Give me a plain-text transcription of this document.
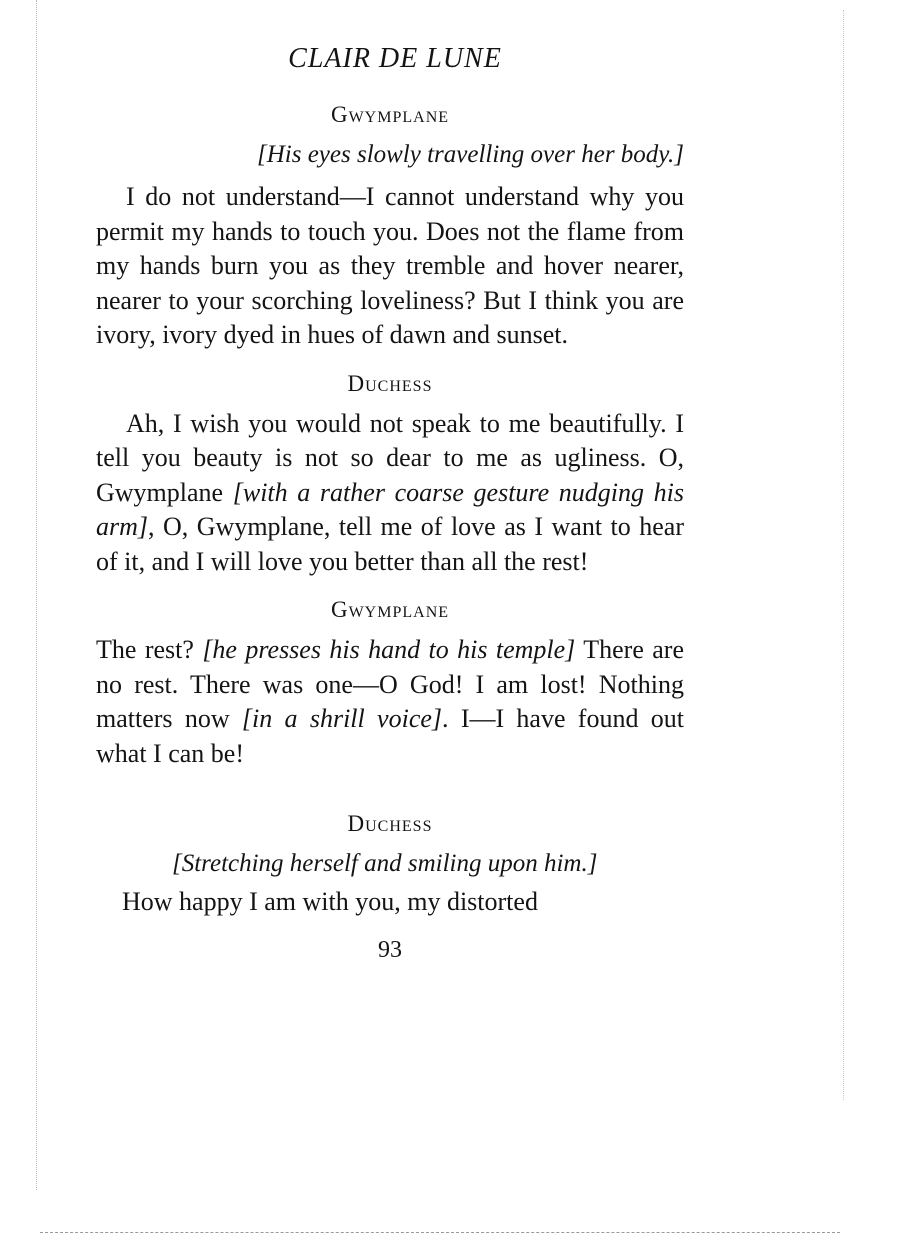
CLAIR DE LUNE
Gwymplane

[His eyes slowly travelling over her body.]

I do not understand—I cannot understand why you permit my hands to touch you. Does not the flame from my hands burn you as they tremble and hover nearer, nearer to your scorching loveliness? But I think you are ivory, ivory dyed in hues of dawn and sunset.

Duchess

Ah, I wish you would not speak to me beautifully. I tell you beauty is not so dear to me as ugliness. O, Gwymplane [with a rather coarse gesture nudging his arm], O, Gwymplane, tell me of love as I want to hear of it, and I will love you better than all the rest!

Gwymplane

The rest? [he presses his hand to his temple] There are no rest. There was one—O God! I am lost! Nothing matters now [in a shrill voice]. I—I have found out what I can be!

Duchess

[Stretching herself and smiling upon him.]

How happy I am with you, my distorted

93
